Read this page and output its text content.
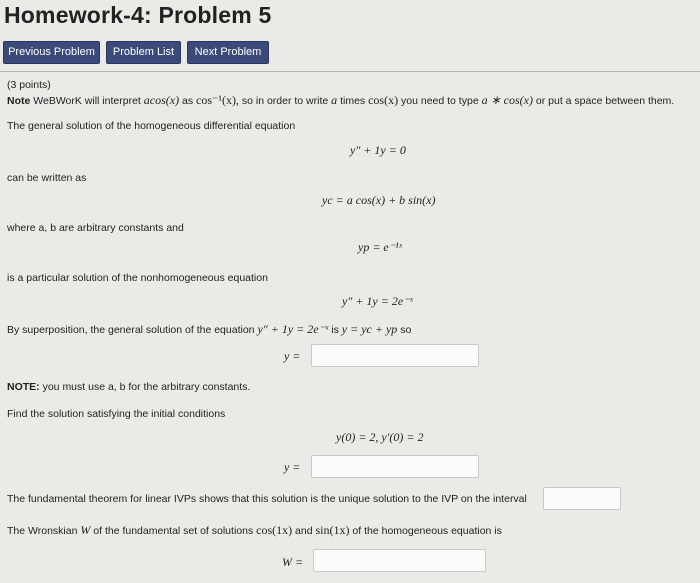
Homework-4: Problem 5
Previous Problem	Problem List	Next Problem
(3 points)
Note WeBWorK will interpret acos(x) as cos⁻¹(x), so in order to write a times cos(x) you need to type a ∗ cos(x) or put a space between them.
The general solution of the homogeneous differential equation
y″ + 1y = 0
can be written as
yc = a cos(x) + b sin(x)
where a, b are arbitrary constants and
yp = e⁻¹ˣ
is a particular solution of the nonhomogeneous equation
y″ + 1y = 2e⁻ˣ
By superposition, the general solution of the equation y″ + 1y = 2e⁻ˣ is y = yc + yp so
y =
NOTE: you must use a, b for the arbitrary constants.
Find the solution satisfying the initial conditions
y(0) = 2, y′(0) = 2
y =
The fundamental theorem for linear IVPs shows that this solution is the unique solution to the IVP on the interval
The Wronskian W of the fundamental set of solutions cos(1x) and sin(1x) of the homogeneous equation is
W =
